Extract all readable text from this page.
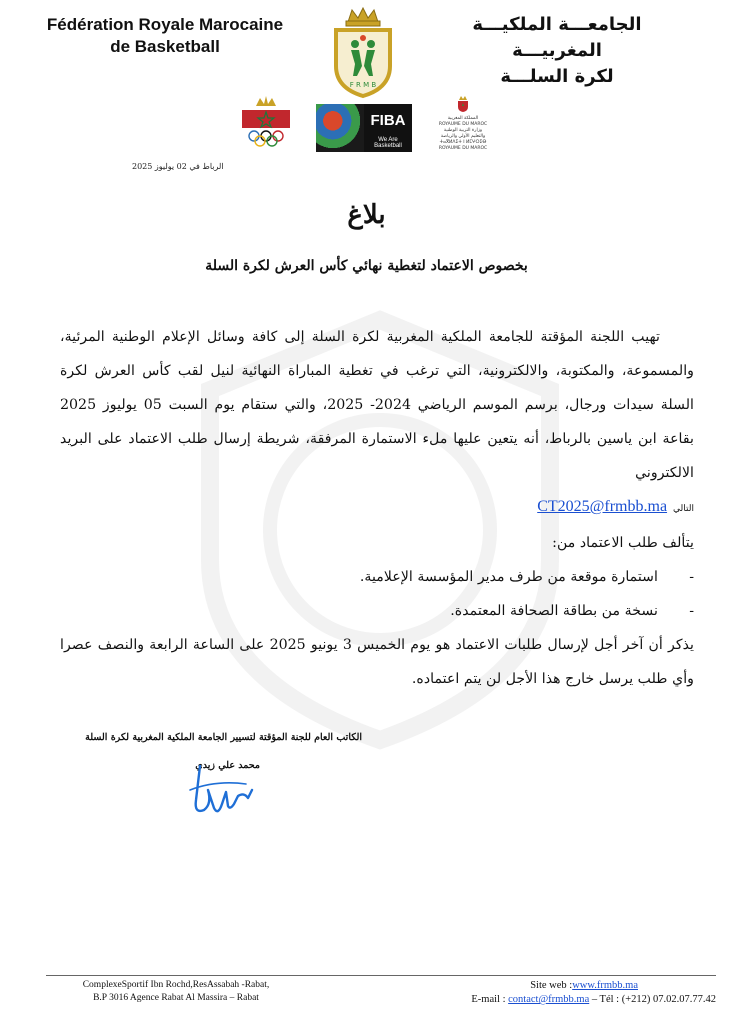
Fédération Royale Marocaine
de Basketball
الجامعـــة الملكيـــة المغربيـــة
لكرة السلـــة
F R M B
FIBA
We Are Basketball
المملكة المغربية
ROYAUME DU MAROC
وزارة التربية الوطنية
والتعليم الأولي والرياضة
ⵜⴰⴳⵍⴷⵉⵜ ⵏ ⵍⵎⵖⵔⵉⴱ
ROYAUME DU MAROC
الرباط في 02 يوليوز 2025
بلاغ
بخصوص الاعتماد لتغطية نهائي كأس العرش لكرة السلة

تهيب اللجنة المؤقتة للجامعة الملكية المغربية لكرة السلة إلى كافة وسائل الإعلام الوطنية المرئية، والمسموعة، والمكتوبة، والالكترونية، التي ترغب في تغطية المباراة النهائية لنيل لقب كأس العرش لكرة السلة سيدات ورجال، برسم الموسم الرياضي 2024- 2025، والتي ستقام يوم السبت 05 يوليوز 2025 بقاعة ابن ياسين بالرباط، أنه يتعين عليها ملء الاستمارة المرفقة، شريطة إرسال طلب الاعتماد على البريد الالكتروني

التالي
CT2025@frmbb.ma

يتألف طلب الاعتماد من:

-
استمارة موقعة من طرف مدير المؤسسة الإعلامية.
-
نسخة من بطاقة الصحافة المعتمدة.

يذكر أن آخر أجل لإرسال طلبات الاعتماد هو يوم الخميس 3 يونيو 2025 على الساعة الرابعة والنصف عصرا وأي طلب يرسل خارج هذا الأجل لن يتم اعتماده.

الكاتب العام للجنة المؤقتة لتسيير الجامعة الملكية المغربية لكرة السلة
محمد علي زيدي
ComplexeSportif Ibn Rochd,ResAssabah -Rabat,
B.P 3016 Agence Rabat Al Massira – Rabat
Site web :www.frmbb.ma
E-mail : contact@frmbb.ma – Tél : (+212) 07.02.07.77.42
